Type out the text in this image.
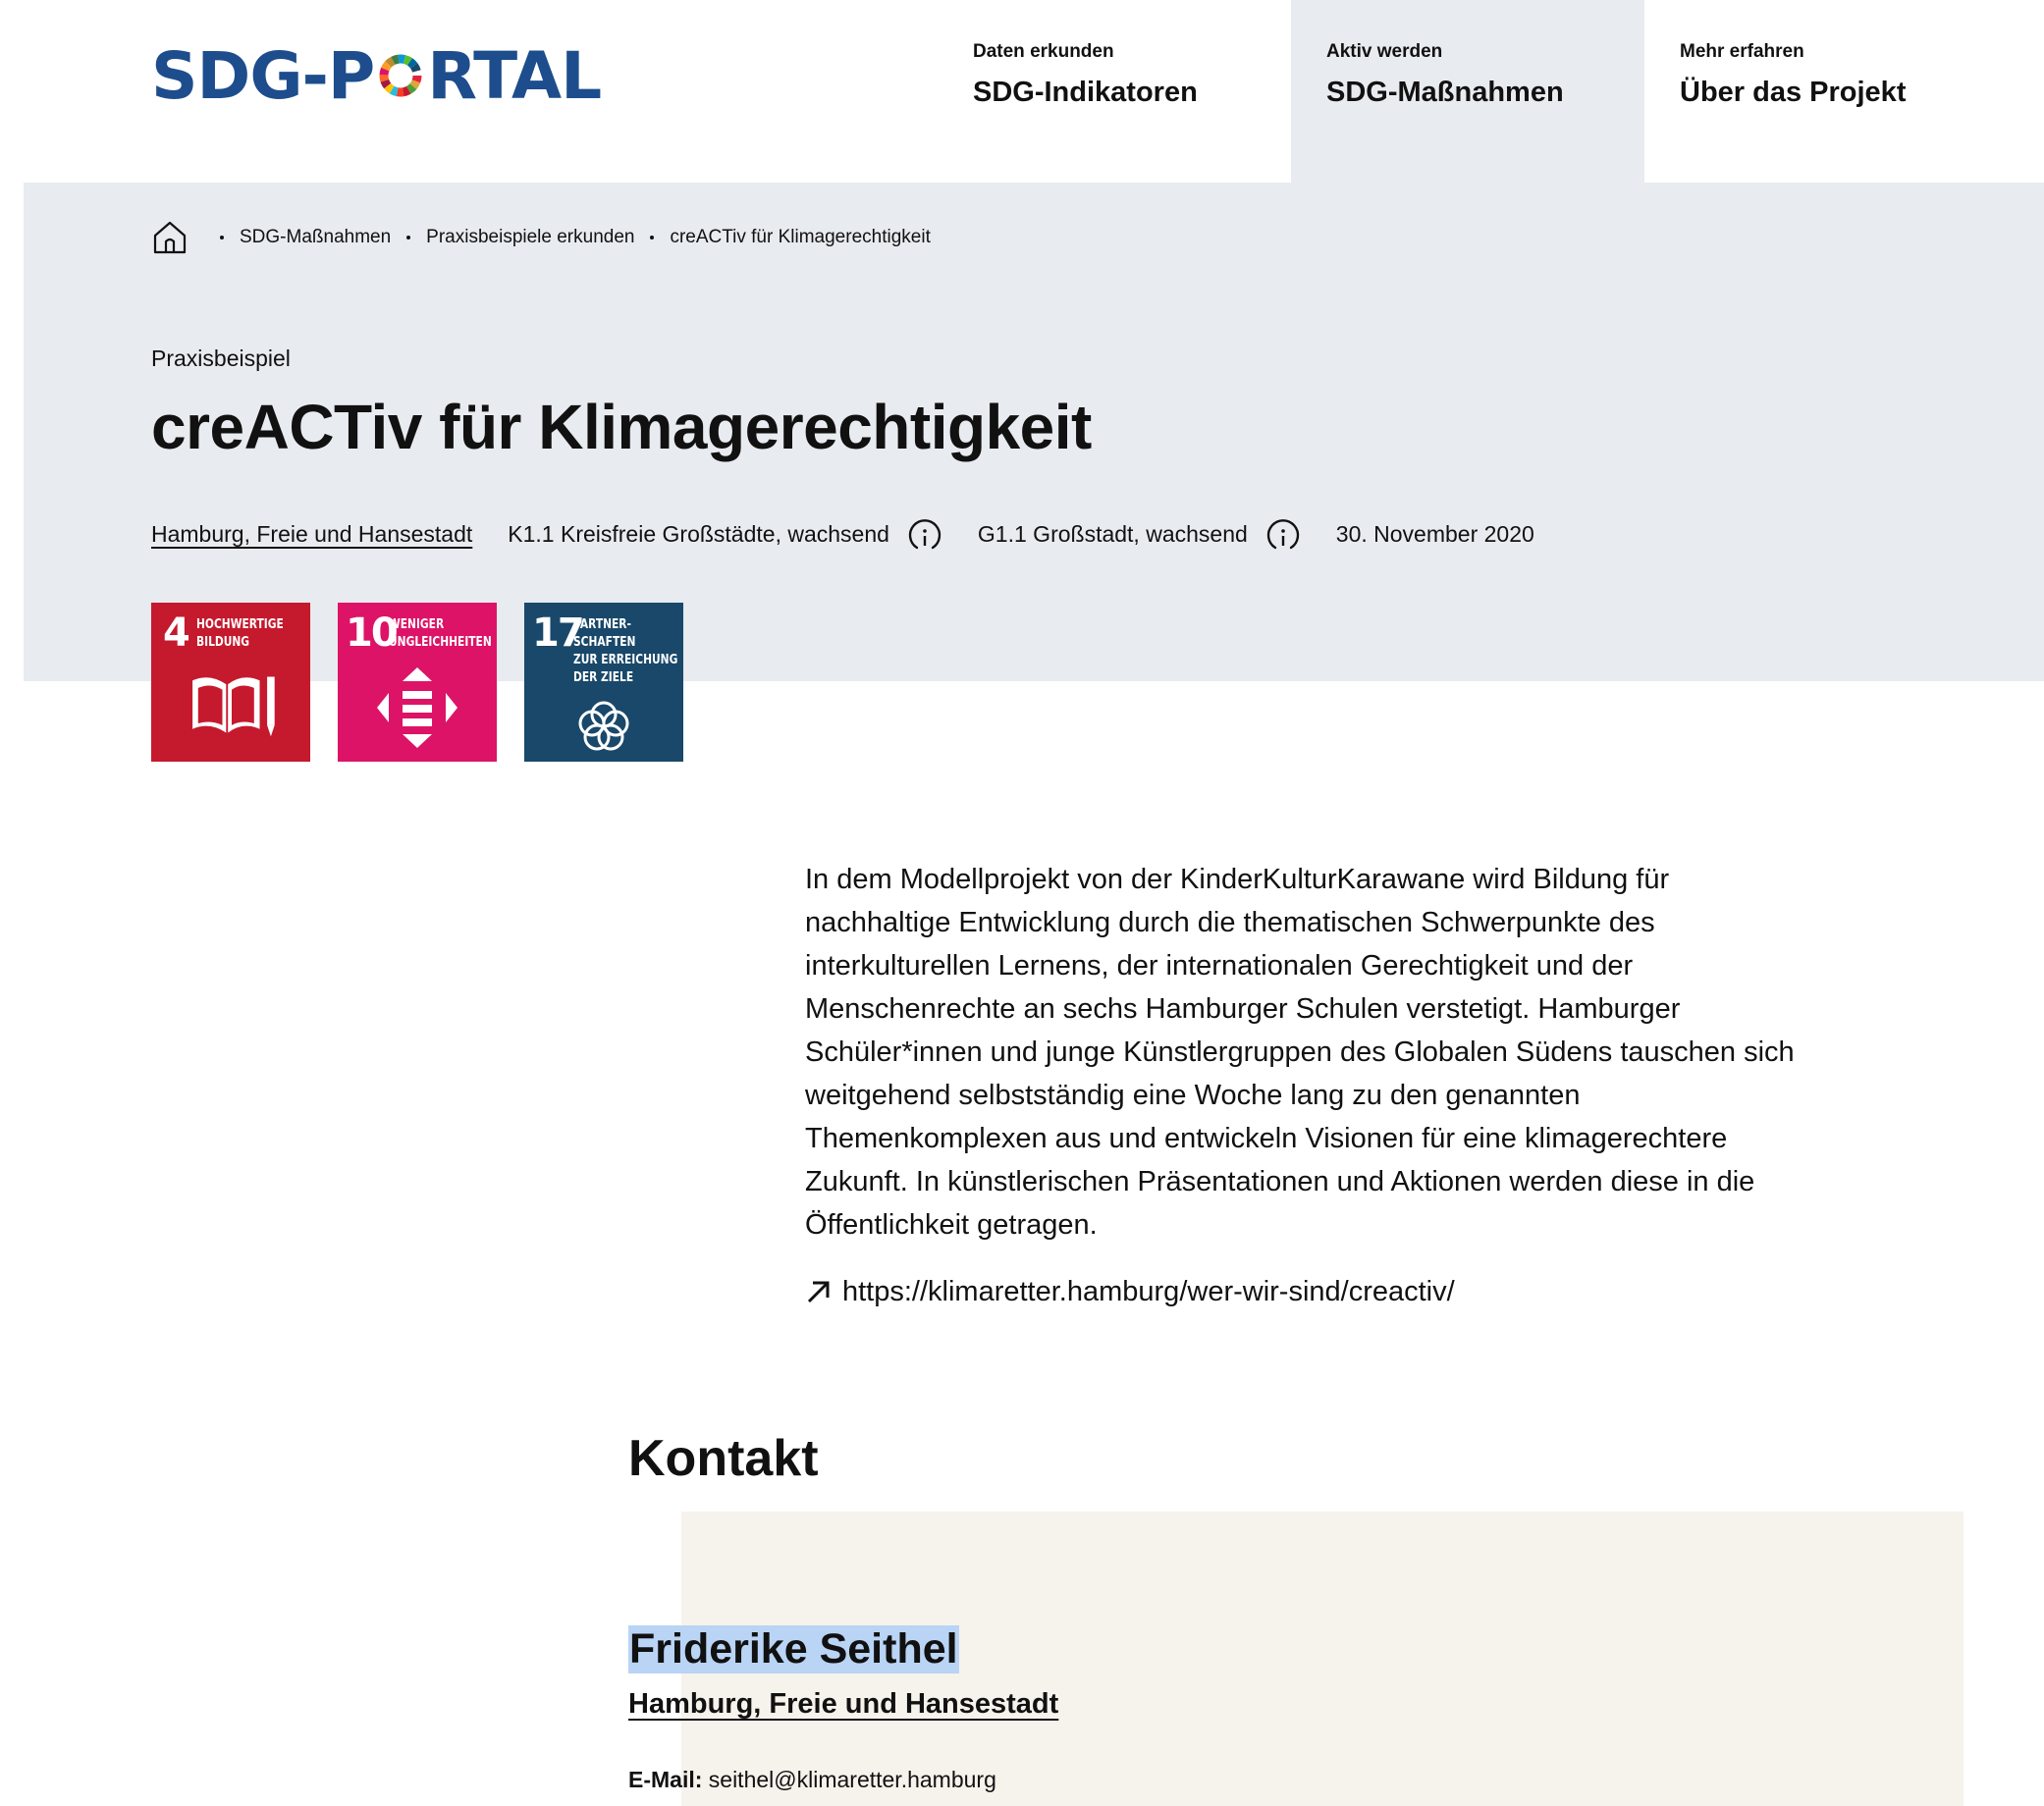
SDG-P RTAL	Daten erkunden
SDG-Indikatoren
Aktiv werden
SDG-Maßnahmen
Mehr erfahren
Über das Projekt
SDG-Maßnahmen Praxisbeispiele erkunden creACTiv für Klimagerechtigkeit
Praxisbeispiel
creACTiv für Klimagerechtigkeit
Hamburg, Freie und Hansestadt K1.1 Kreisfreie Großstädte, wachsend	G1.1 Großstadt, wachsend	30. November 2020
4 HOCHWERTIGE
BILDUNG	10
WENIGER
UNGLEICHHEITEN 17
PARTNER-
SCHAFTEN
ZUR ERREICHUNG
DER ZIELE
In dem Modellprojekt von der KinderKulturKarawane wird Bildung für nachhaltige Entwicklung durch die thematischen Schwerpunkte des interkulturellen Lernens, der internationalen Gerechtigkeit und der Menschenrechte an sechs Hamburger Schulen verstetigt. Hamburger Schüler*innen und junge Künstlergruppen des Globalen Südens tauschen sich weitgehend selbstständig eine Woche lang zu den genannten Themenkomplexen aus und entwickeln Visionen für eine klimagerechtere Zukunft. In künstlerischen Präsentationen und Aktionen werden diese in die Öffentlichkeit getragen.
https://klimaretter.hamburg/wer-wir-sind/creactiv/
Kontakt
Friderike Seithel
Hamburg, Freie und Hansestadt
E-Mail: seithel@klimaretter.hamburg
